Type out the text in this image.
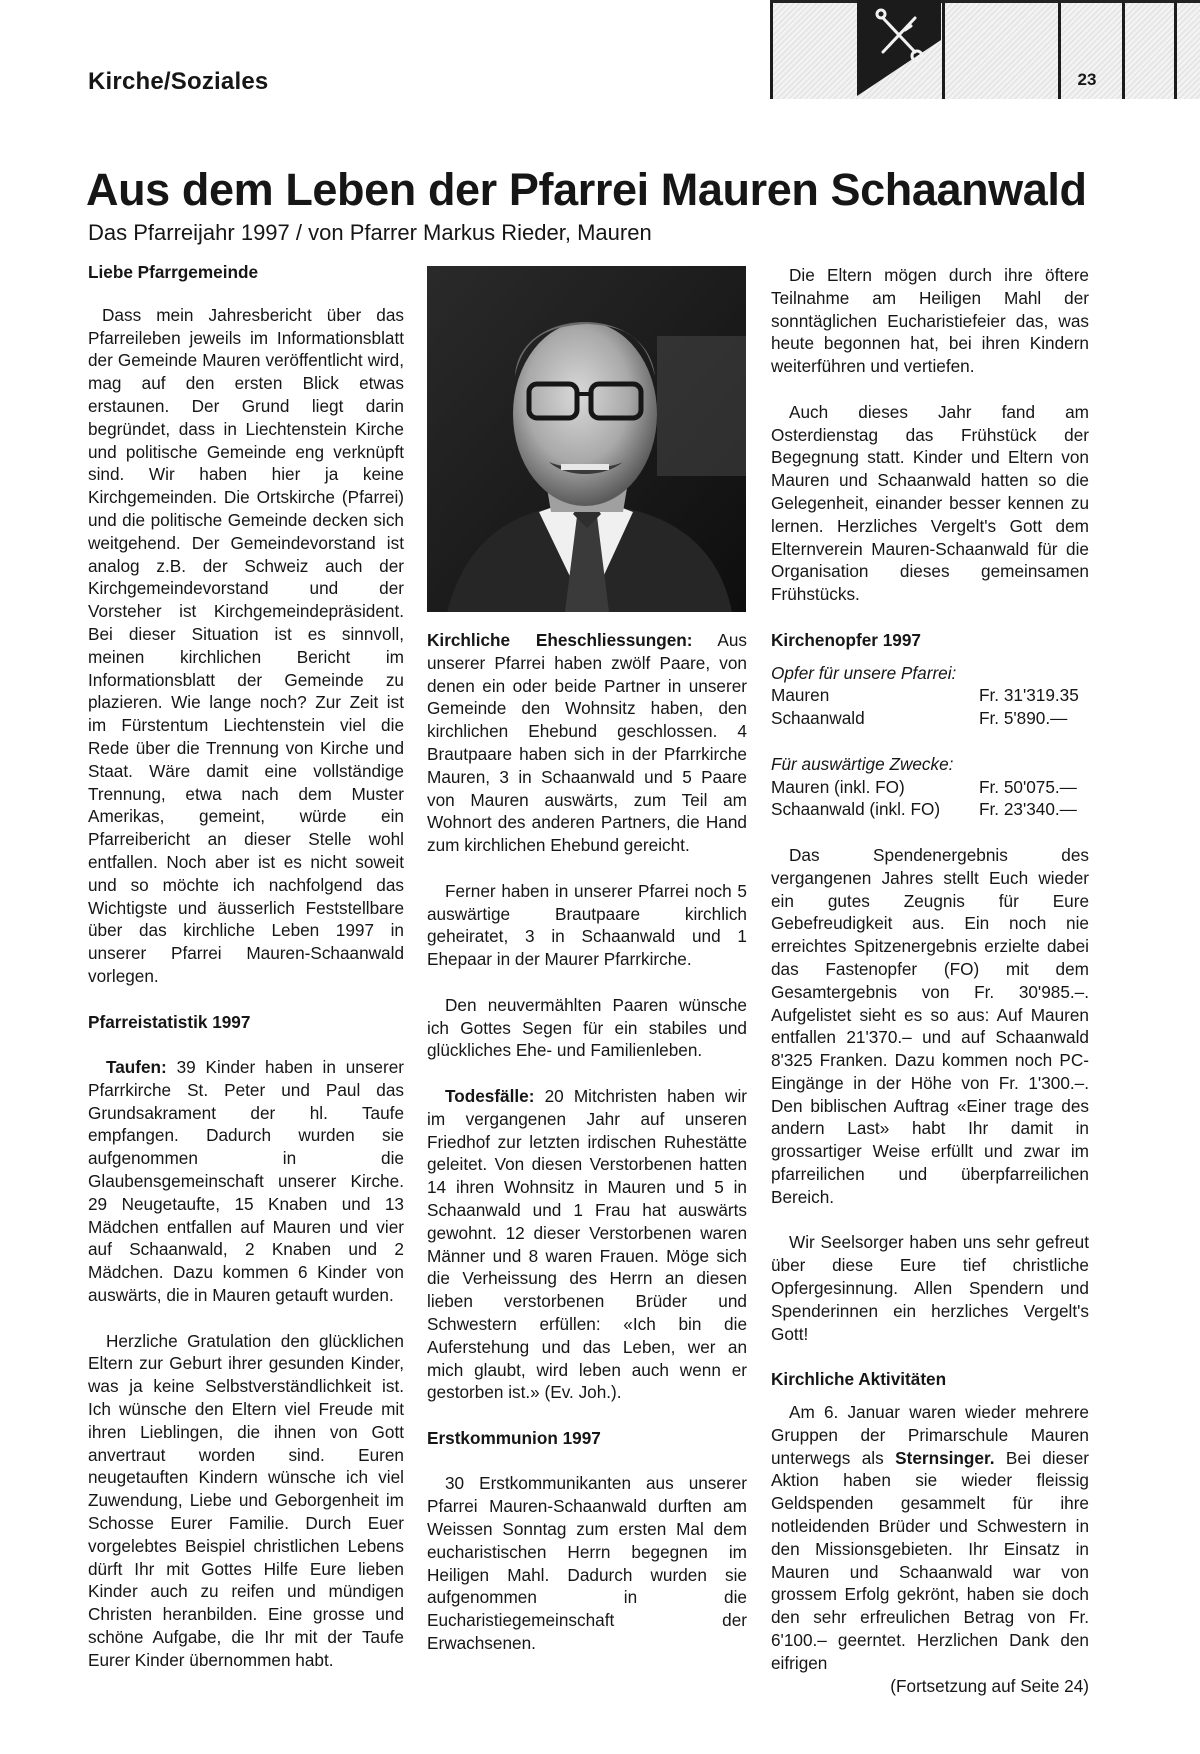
Kirche/Soziales	23
Aus dem Leben der Pfarrei Mauren Schaanwald
Das Pfarreijahr 1997 / von Pfarrer Markus Rieder, Mauren
Liebe Pfarrgemeinde

Dass mein Jahresbericht über das Pfarreileben jeweils im Informationsblatt der Gemeinde Mauren veröffentlicht wird, mag auf den ersten Blick etwas erstaunen. Der Grund liegt darin begründet, dass in Liechtenstein Kirche und politische Gemeinde eng verknüpft sind. Wir haben hier ja keine Kirchgemeinden. Die Ortskirche (Pfarrei) und die politische Gemeinde decken sich weitgehend. Der Gemeindevorstand ist analog z.B. der Schweiz auch der Kirchgemeindevorstand und der Vorsteher ist Kirchgemeindepräsident. Bei dieser Situation ist es sinnvoll, meinen kirchlichen Bericht im Informationsblatt der Gemeinde zu plazieren. Wie lange noch? Zur Zeit ist im Fürstentum Liechtenstein viel die Rede über die Trennung von Kirche und Staat. Wäre damit eine vollständige Trennung, etwa nach dem Muster Amerikas, gemeint, würde ein Pfarreibericht an dieser Stelle wohl entfallen. Noch aber ist es nicht soweit und so möchte ich nachfolgend das Wichtigste und äusserlich Feststellbare über das kirchliche Leben 1997 in unserer Pfarrei Mauren-Schaanwald vorlegen.

Pfarreistatistik 1997

Taufen: 39 Kinder haben in unserer Pfarrkirche St. Peter und Paul das Grundsakrament der hl. Taufe empfangen. Dadurch wurden sie aufgenommen in die Glaubensgemeinschaft unserer Kirche. 29 Neugetaufte, 15 Knaben und 13 Mädchen entfallen auf Mauren und vier auf Schaanwald, 2 Knaben und 2 Mädchen. Dazu kommen 6 Kinder von auswärts, die in Mauren getauft wurden.

Herzliche Gratulation den glücklichen Eltern zur Geburt ihrer gesunden Kinder, was ja keine Selbstverständlichkeit ist. Ich wünsche den Eltern viel Freude mit ihren Lieblingen, die ihnen von Gott anvertraut worden sind. Euren neugetauften Kindern wünsche ich viel Zuwendung, Liebe und Geborgenheit im Schosse Eurer Familie. Durch Euer vorgelebtes Beispiel christlichen Lebens dürft Ihr mit Gottes Hilfe Eure lieben Kinder auch zu reifen und mündigen Christen heranbilden. Eine grosse und schöne Aufgabe, die Ihr mit der Taufe Eurer Kinder übernommen habt.

Kirchliche Eheschliessungen: Aus unserer Pfarrei haben zwölf Paare, von denen ein oder beide Partner in unserer Gemeinde den Wohnsitz haben, den kirchlichen Ehebund geschlossen. 4 Brautpaare haben sich in der Pfarrkirche Mauren, 3 in Schaanwald und 5 Paare von Mauren auswärts, zum Teil am Wohnort des anderen Partners, die Hand zum kirchlichen Ehebund gereicht.

Ferner haben in unserer Pfarrei noch 5 auswärtige Brautpaare kirchlich geheiratet, 3 in Schaanwald und 1 Ehepaar in der Maurer Pfarrkirche.

Den neuvermählten Paaren wünsche ich Gottes Segen für ein stabiles und glückliches Ehe- und Familienleben.

Todesfälle: 20 Mitchristen haben wir im vergangenen Jahr auf unseren Friedhof zur letzten irdischen Ruhestätte geleitet. Von diesen Verstorbenen hatten 14 ihren Wohnsitz in Mauren und 5 in Schaanwald und 1 Frau hat auswärts gewohnt. 12 dieser Verstorbenen waren Männer und 8 waren Frauen. Möge sich die Verheissung des Herrn an diesen lieben verstorbenen Brüder und Schwestern erfüllen: «Ich bin die Auferstehung und das Leben, wer an mich glaubt, wird leben auch wenn er gestorben ist.» (Ev. Joh.).

Erstkommunion 1997

30 Erstkommunikanten aus unserer Pfarrei Mauren-Schaanwald durften am Weissen Sonntag zum ersten Mal dem eucharistischen Herrn begegnen im Heiligen Mahl. Dadurch wurden sie aufgenommen in die Eucharistiegemeinschaft der Erwachsenen.

Die Eltern mögen durch ihre öftere Teilnahme am Heiligen Mahl der sonntäglichen Eucharistiefeier das, was heute begonnen hat, bei ihren Kindern weiterführen und vertiefen.

Auch dieses Jahr fand am Osterdienstag das Frühstück der Begegnung statt. Kinder und Eltern von Mauren und Schaanwald hatten so die Gelegenheit, einander besser kennen zu lernen. Herzliches Vergelt's Gott dem Elternverein Mauren-Schaanwald für die Organisation dieses gemeinsamen Frühstücks.

Kirchenopfer 1997
Opfer für unsere Pfarrei:
Mauren	Fr. 31'319.35
Schaanwald	Fr. 5'890.—
Für auswärtige Zwecke:
Mauren (inkl. FO)	Fr. 50'075.—
Schaanwald (inkl. FO) Fr. 23'340.—

Das Spendenergebnis des vergangenen Jahres stellt Euch wieder ein gutes Zeugnis für Eure Gebefreudigkeit aus. Ein noch nie erreichtes Spitzenergebnis erzielte dabei das Fastenopfer (FO) mit dem Gesamtergebnis von Fr. 30'985.–. Aufgelistet sieht es so aus: Auf Mauren entfallen 21'370.– und auf Schaanwald 8'325 Franken. Dazu kommen noch PC-Eingänge in der Höhe von Fr. 1'300.–. Den biblischen Auftrag «Einer trage des andern Last» habt Ihr damit in grossartiger Weise erfüllt und zwar im pfarreilichen und überpfarreilichen Bereich.

Wir Seelsorger haben uns sehr gefreut über diese Eure tief christliche Opfergesinnung. Allen Spendern und Spenderinnen ein herzliches Vergelt's Gott!

Kirchliche Aktivitäten

Am 6. Januar waren wieder mehrere Gruppen der Primarschule Mauren unterwegs als Sternsinger. Bei dieser Aktion haben sie wieder fleissig Geldspenden gesammelt für ihre notleidenden Brüder und Schwestern in den Missionsgebieten. Ihr Einsatz in Mauren und Schaanwald war von grossem Erfolg gekrönt, haben sie doch den sehr erfreulichen Betrag von Fr. 6'100.– geerntet. Herzlichen Dank den eifrigen

(Fortsetzung auf Seite 24)
